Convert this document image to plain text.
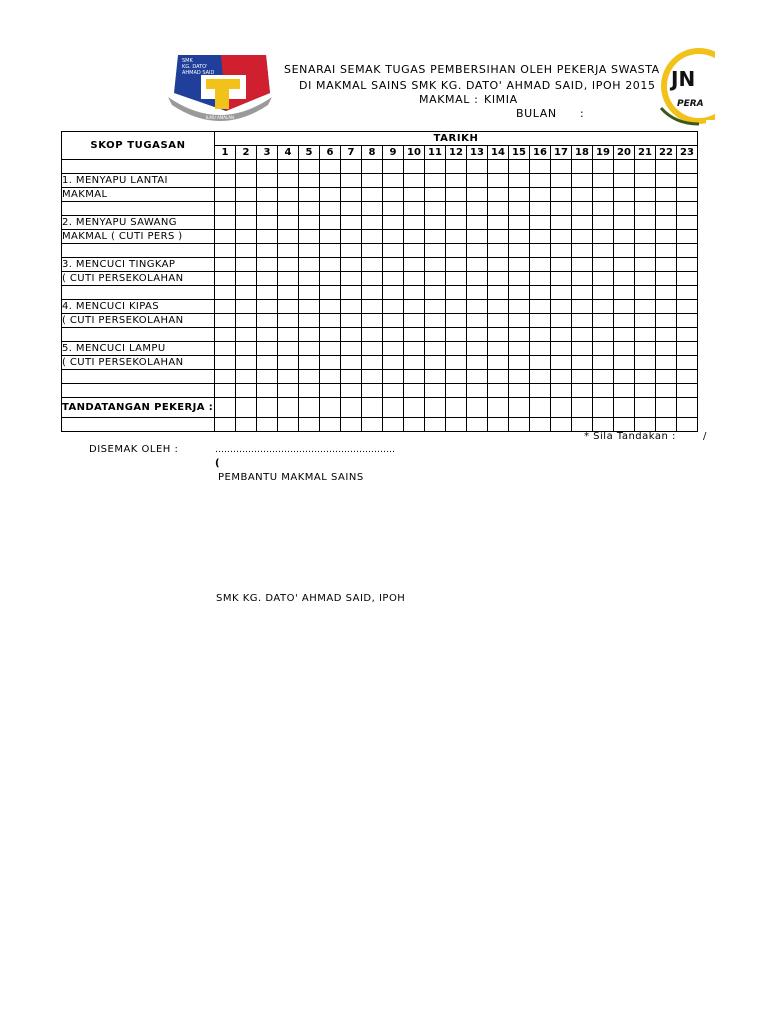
SMK
KG. DATO'
AHMAD SAID
ILMU AMALAN
JN
PERA
SENARAI SEMAK TUGAS PEMBERSIHAN OLEH PEKERJA SWASTA
DI MAKMAL SAINS SMK KG. DATO' AHMAD SAID, IPOH 2015
MAKMAL : KIMIA
BULAN :
SKOP TUGASAN	TARIKH																						
	1	2	3	4	5	6	7	8	9	10	11	12	13	14	15	16	17	18	19	20	21	22	23

1. MENYAPU LANTAI																							
MAKMAL																							

2. MENYAPU SAWANG																							
MAKMAL ( CUTI PERS )																							

3. MENCUCI TINGKAP																							
( CUTI PERSEKOLAHAN																							

4. MENCUCI KIPAS																							
( CUTI PERSEKOLAHAN																							

5. MENCUCI LAMPU																							
( CUTI PERSEKOLAHAN																							

TANDATANGAN PEKERJA :																							

* Sila Tandakan :	/
DISEMAK OLEH :	……………………………………………………
(
PEMBANTU MAKMAL SAINS
SMK KG. DATO' AHMAD SAID, IPOH
